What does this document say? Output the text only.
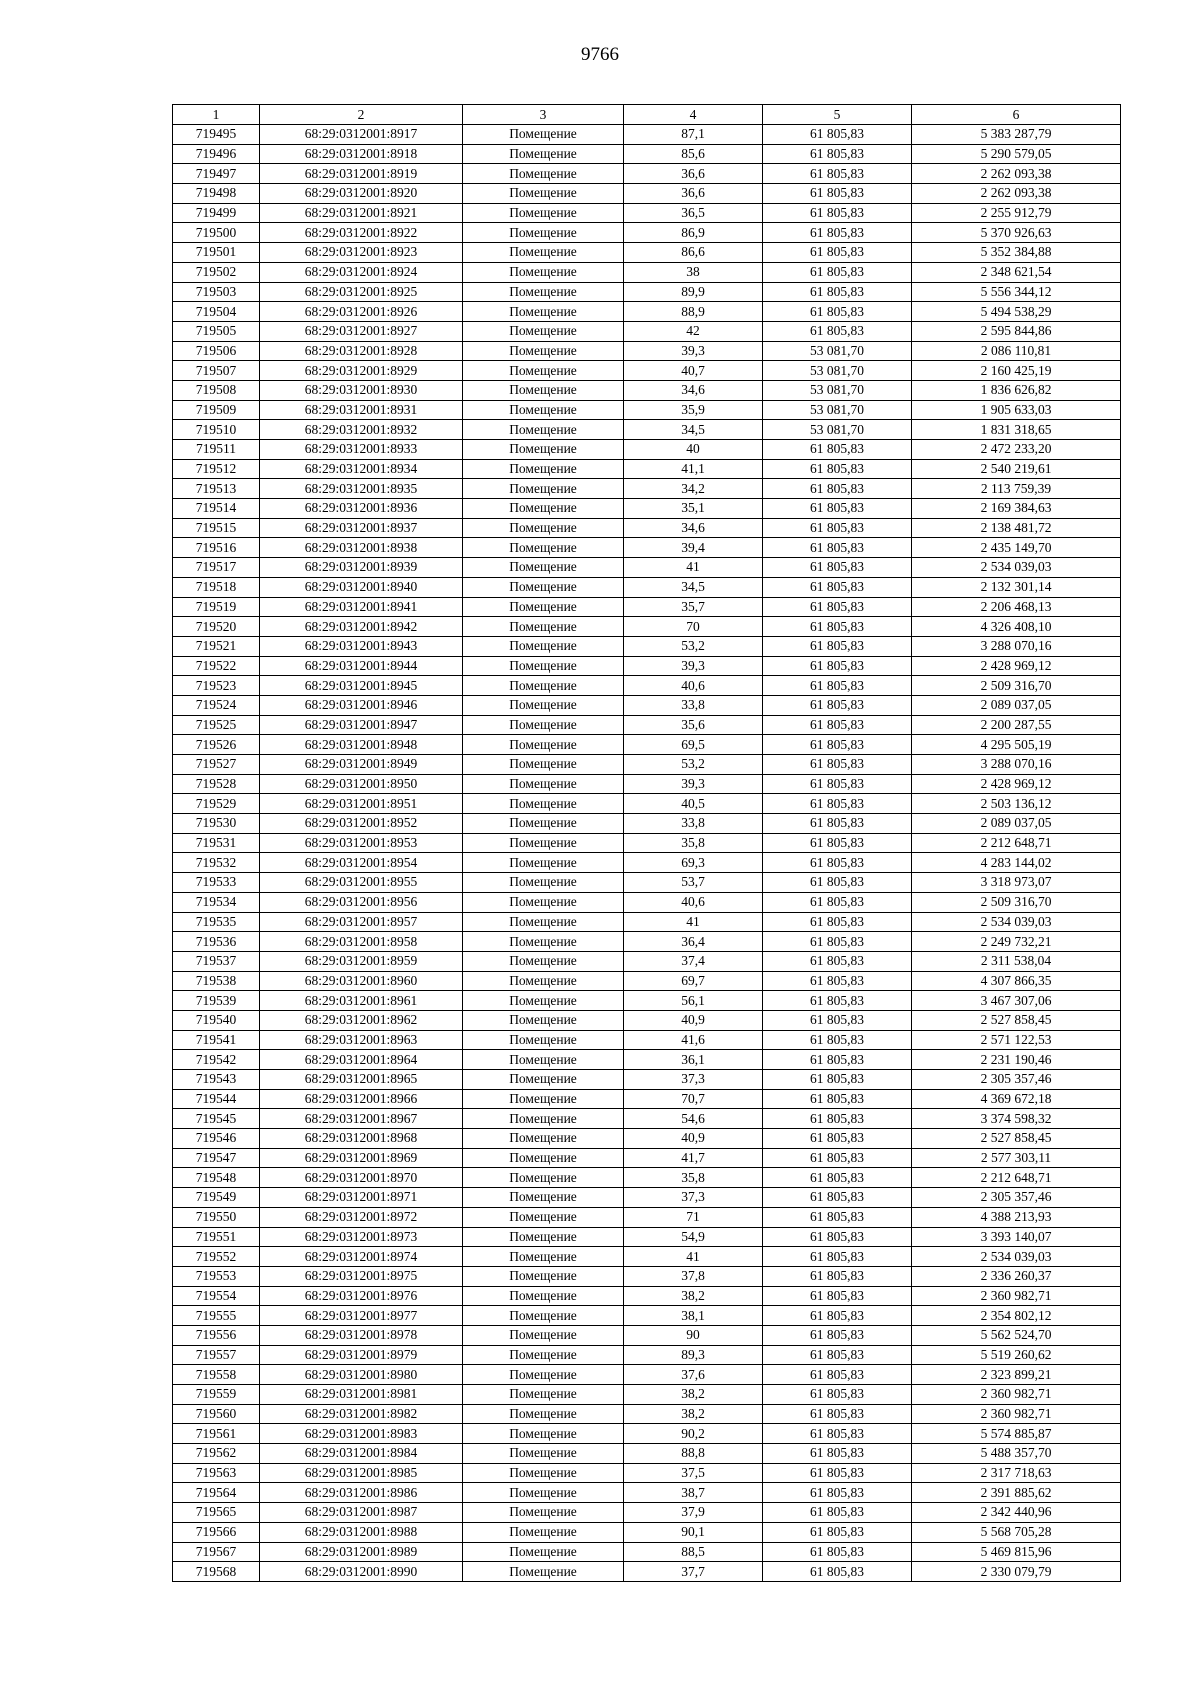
9766
1	2	3	4	5	6
719495	68:29:0312001:8917	Помещение	87,1	61 805,83	5 383 287,79
719496	68:29:0312001:8918	Помещение	85,6	61 805,83	5 290 579,05
719497	68:29:0312001:8919	Помещение	36,6	61 805,83	2 262 093,38
719498	68:29:0312001:8920	Помещение	36,6	61 805,83	2 262 093,38
719499	68:29:0312001:8921	Помещение	36,5	61 805,83	2 255 912,79
719500	68:29:0312001:8922	Помещение	86,9	61 805,83	5 370 926,63
719501	68:29:0312001:8923	Помещение	86,6	61 805,83	5 352 384,88
719502	68:29:0312001:8924	Помещение	38	61 805,83	2 348 621,54
719503	68:29:0312001:8925	Помещение	89,9	61 805,83	5 556 344,12
719504	68:29:0312001:8926	Помещение	88,9	61 805,83	5 494 538,29
719505	68:29:0312001:8927	Помещение	42	61 805,83	2 595 844,86
719506	68:29:0312001:8928	Помещение	39,3	53 081,70	2 086 110,81
719507	68:29:0312001:8929	Помещение	40,7	53 081,70	2 160 425,19
719508	68:29:0312001:8930	Помещение	34,6	53 081,70	1 836 626,82
719509	68:29:0312001:8931	Помещение	35,9	53 081,70	1 905 633,03
719510	68:29:0312001:8932	Помещение	34,5	53 081,70	1 831 318,65
719511	68:29:0312001:8933	Помещение	40	61 805,83	2 472 233,20
719512	68:29:0312001:8934	Помещение	41,1	61 805,83	2 540 219,61
719513	68:29:0312001:8935	Помещение	34,2	61 805,83	2 113 759,39
719514	68:29:0312001:8936	Помещение	35,1	61 805,83	2 169 384,63
719515	68:29:0312001:8937	Помещение	34,6	61 805,83	2 138 481,72
719516	68:29:0312001:8938	Помещение	39,4	61 805,83	2 435 149,70
719517	68:29:0312001:8939	Помещение	41	61 805,83	2 534 039,03
719518	68:29:0312001:8940	Помещение	34,5	61 805,83	2 132 301,14
719519	68:29:0312001:8941	Помещение	35,7	61 805,83	2 206 468,13
719520	68:29:0312001:8942	Помещение	70	61 805,83	4 326 408,10
719521	68:29:0312001:8943	Помещение	53,2	61 805,83	3 288 070,16
719522	68:29:0312001:8944	Помещение	39,3	61 805,83	2 428 969,12
719523	68:29:0312001:8945	Помещение	40,6	61 805,83	2 509 316,70
719524	68:29:0312001:8946	Помещение	33,8	61 805,83	2 089 037,05
719525	68:29:0312001:8947	Помещение	35,6	61 805,83	2 200 287,55
719526	68:29:0312001:8948	Помещение	69,5	61 805,83	4 295 505,19
719527	68:29:0312001:8949	Помещение	53,2	61 805,83	3 288 070,16
719528	68:29:0312001:8950	Помещение	39,3	61 805,83	2 428 969,12
719529	68:29:0312001:8951	Помещение	40,5	61 805,83	2 503 136,12
719530	68:29:0312001:8952	Помещение	33,8	61 805,83	2 089 037,05
719531	68:29:0312001:8953	Помещение	35,8	61 805,83	2 212 648,71
719532	68:29:0312001:8954	Помещение	69,3	61 805,83	4 283 144,02
719533	68:29:0312001:8955	Помещение	53,7	61 805,83	3 318 973,07
719534	68:29:0312001:8956	Помещение	40,6	61 805,83	2 509 316,70
719535	68:29:0312001:8957	Помещение	41	61 805,83	2 534 039,03
719536	68:29:0312001:8958	Помещение	36,4	61 805,83	2 249 732,21
719537	68:29:0312001:8959	Помещение	37,4	61 805,83	2 311 538,04
719538	68:29:0312001:8960	Помещение	69,7	61 805,83	4 307 866,35
719539	68:29:0312001:8961	Помещение	56,1	61 805,83	3 467 307,06
719540	68:29:0312001:8962	Помещение	40,9	61 805,83	2 527 858,45
719541	68:29:0312001:8963	Помещение	41,6	61 805,83	2 571 122,53
719542	68:29:0312001:8964	Помещение	36,1	61 805,83	2 231 190,46
719543	68:29:0312001:8965	Помещение	37,3	61 805,83	2 305 357,46
719544	68:29:0312001:8966	Помещение	70,7	61 805,83	4 369 672,18
719545	68:29:0312001:8967	Помещение	54,6	61 805,83	3 374 598,32
719546	68:29:0312001:8968	Помещение	40,9	61 805,83	2 527 858,45
719547	68:29:0312001:8969	Помещение	41,7	61 805,83	2 577 303,11
719548	68:29:0312001:8970	Помещение	35,8	61 805,83	2 212 648,71
719549	68:29:0312001:8971	Помещение	37,3	61 805,83	2 305 357,46
719550	68:29:0312001:8972	Помещение	71	61 805,83	4 388 213,93
719551	68:29:0312001:8973	Помещение	54,9	61 805,83	3 393 140,07
719552	68:29:0312001:8974	Помещение	41	61 805,83	2 534 039,03
719553	68:29:0312001:8975	Помещение	37,8	61 805,83	2 336 260,37
719554	68:29:0312001:8976	Помещение	38,2	61 805,83	2 360 982,71
719555	68:29:0312001:8977	Помещение	38,1	61 805,83	2 354 802,12
719556	68:29:0312001:8978	Помещение	90	61 805,83	5 562 524,70
719557	68:29:0312001:8979	Помещение	89,3	61 805,83	5 519 260,62
719558	68:29:0312001:8980	Помещение	37,6	61 805,83	2 323 899,21
719559	68:29:0312001:8981	Помещение	38,2	61 805,83	2 360 982,71
719560	68:29:0312001:8982	Помещение	38,2	61 805,83	2 360 982,71
719561	68:29:0312001:8983	Помещение	90,2	61 805,83	5 574 885,87
719562	68:29:0312001:8984	Помещение	88,8	61 805,83	5 488 357,70
719563	68:29:0312001:8985	Помещение	37,5	61 805,83	2 317 718,63
719564	68:29:0312001:8986	Помещение	38,7	61 805,83	2 391 885,62
719565	68:29:0312001:8987	Помещение	37,9	61 805,83	2 342 440,96
719566	68:29:0312001:8988	Помещение	90,1	61 805,83	5 568 705,28
719567	68:29:0312001:8989	Помещение	88,5	61 805,83	5 469 815,96
719568	68:29:0312001:8990	Помещение	37,7	61 805,83	2 330 079,79
